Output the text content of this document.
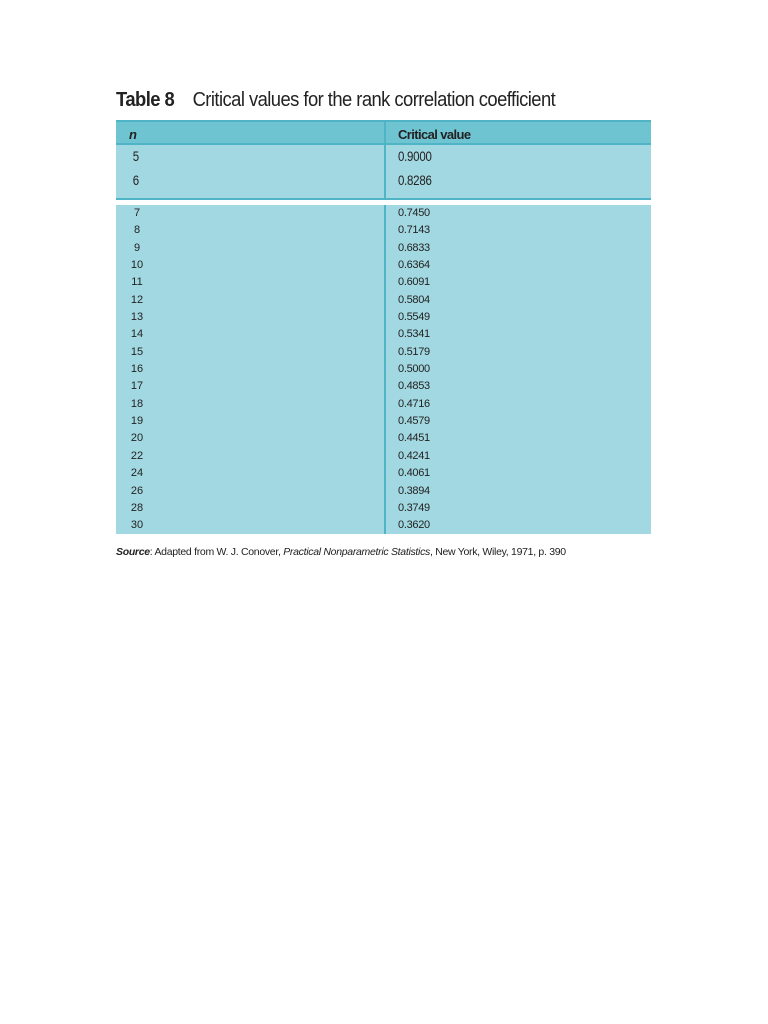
Table 8 Critical values for the rank correlation coefficient
n	Critical value
5	0.9000
6	0.8286
7	0.7450
8	0.7143
9	0.6833
10	0.6364
11	0.6091
12	0.5804
13	0.5549
14	0.5341
15	0.5179
16	0.5000
17	0.4853
18	0.4716
19	0.4579
20	0.4451
22	0.4241
24	0.4061
26	0.3894
28	0.3749
30	0.3620
Source: Adapted from W. J. Conover, Practical Nonparametric Statistics, New York, Wiley, 1971, p. 390
